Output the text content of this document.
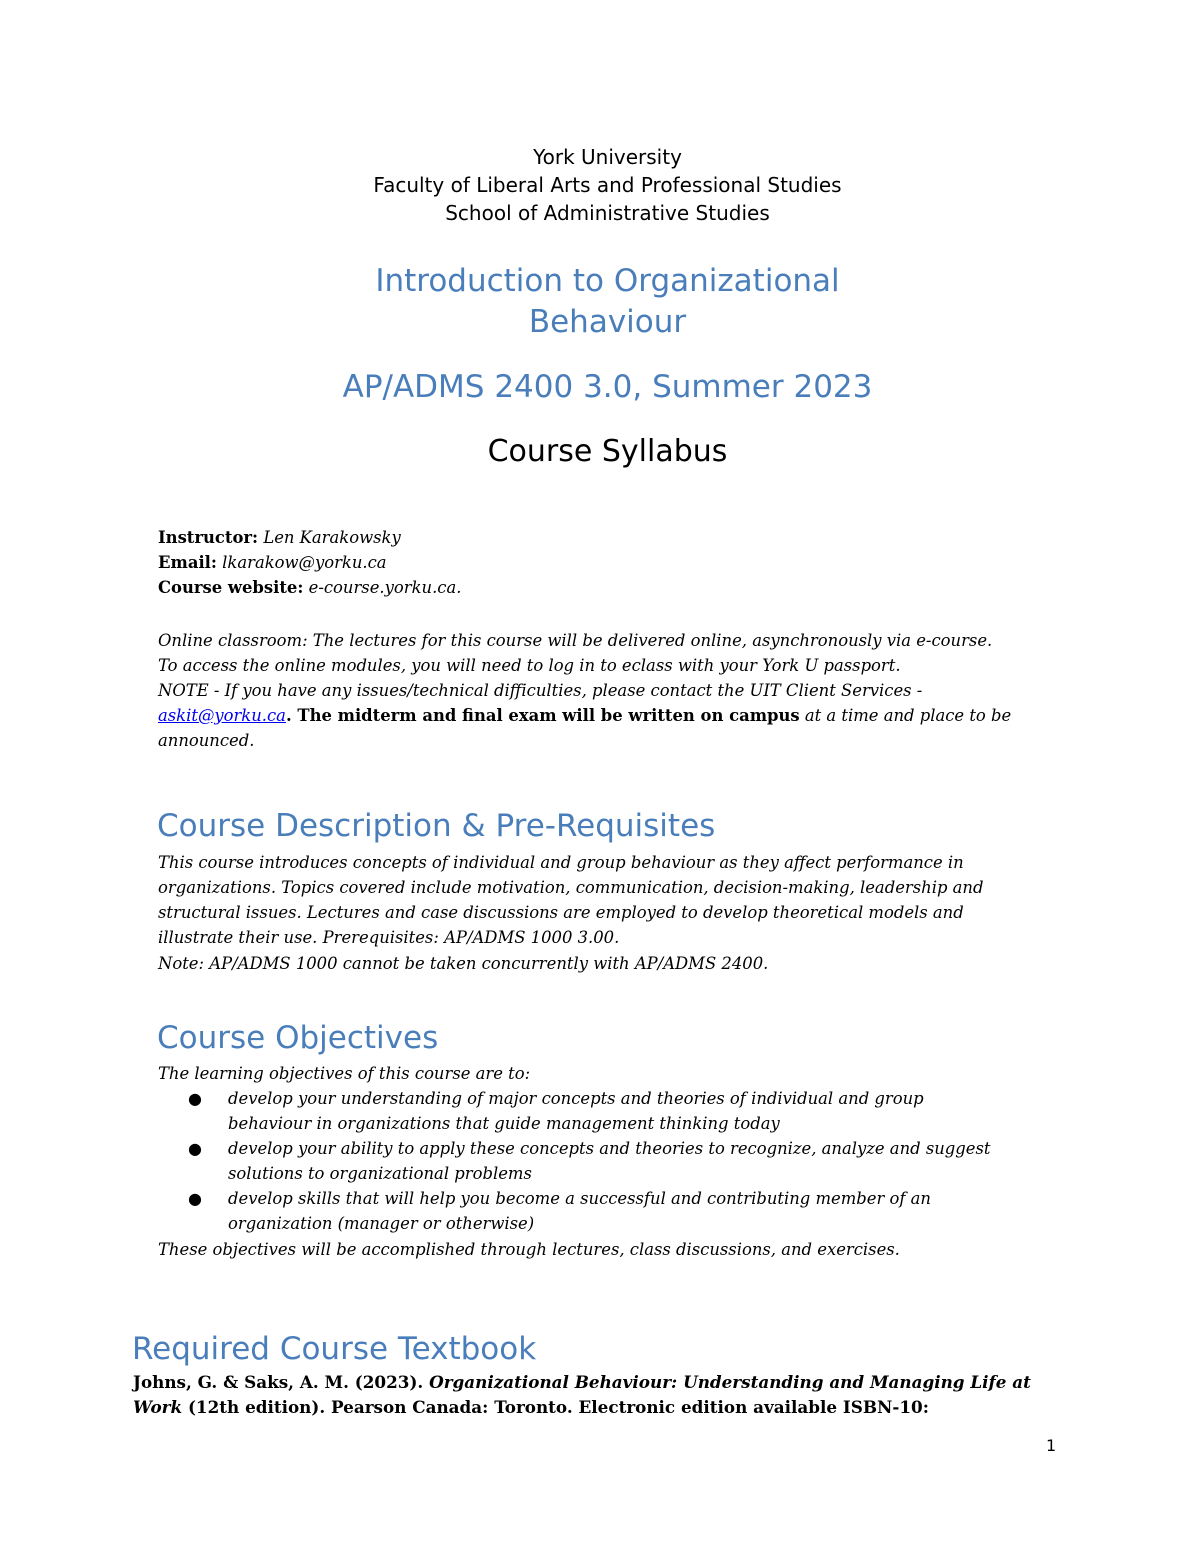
York University
Faculty of Liberal Arts and Professional Studies
School of Administrative Studies
Introduction to Organizational
Behaviour
AP/ADMS 2400 3.0, Summer 2023
Course Syllabus
Instructor: Len Karakowsky
Email: lkarakow@yorku.ca
Course website: e-course.yorku.ca.
Online classroom: The lectures for this course will be delivered online, asynchronously via e-course.
To access the online modules, you will need to log in to eclass with your York U passport.
NOTE - If you have any issues/technical difficulties, please contact the UIT Client Services -
askit@yorku.ca. The midterm and final exam will be written on campus at a time and place to be announced.
Course Description & Pre-Requisites
This course introduces concepts of individual and group behaviour as they affect performance in
organizations. Topics covered include motivation, communication, decision-making, leadership and
structural issues. Lectures and case discussions are employed to develop theoretical models and
illustrate their use. Prerequisites: AP/ADMS 1000 3.00.
Note: AP/ADMS 1000 cannot be taken concurrently with AP/ADMS 2400.
Course Objectives
The learning objectives of this course are to:
● develop your understanding of major concepts and theories of individual and group
behaviour in organizations that guide management thinking today
● develop your ability to apply these concepts and theories to recognize, analyze and suggest
solutions to organizational problems
● develop skills that will help you become a successful and contributing member of an
organization (manager or otherwise)
These objectives will be accomplished through lectures, class discussions, and exercises.
Required Course Textbook
Johns, G. & Saks, A. M. (2023). Organizational Behaviour: Understanding and Managing Life at
Work (12th edition). Pearson Canada: Toronto. Electronic edition available ISBN-10:
1
